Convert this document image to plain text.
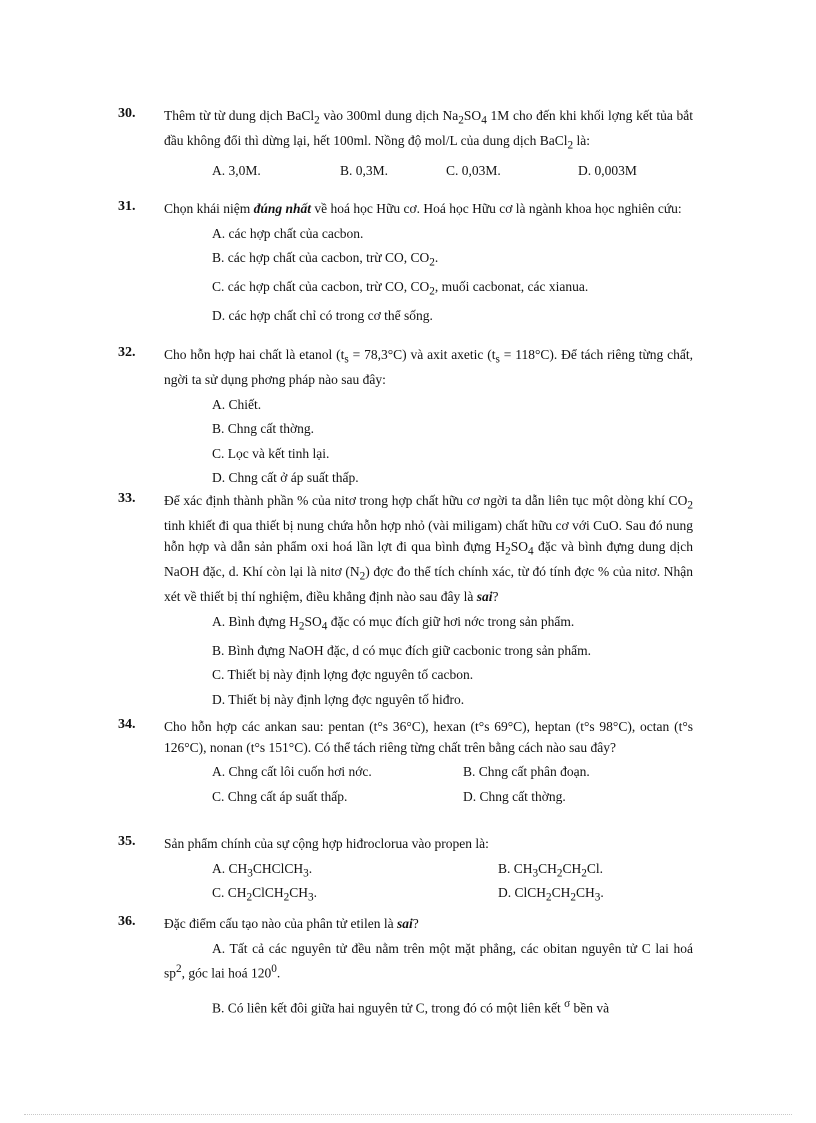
30. Thêm từ từ dung dịch BaCl$_2$ vào 300ml dung dịch $Na_2SO_4$ 1M cho đến khi khối lợng kết tủa bắt đầu không đổi thì dừng lại, hết 100ml. Nồng độ mol/L của dung dịch BaCl$_2$ là:
A. 3,0M.	B. 0,3M.	C. 0,03M.	D. 0,003M
31. Chọn khái niệm đúng nhất về hoá học Hữu cơ. Hoá học Hữu cơ là ngành khoa học nghiên cứu:
A. các hợp chất của cacbon.
B. các hợp chất của cacbon, trừ CO, $CO_2$.
C. các hợp chất của cacbon, trừ CO, $CO_2$, muối cacbonat, các xianua.
D. các hợp chất chỉ có trong cơ thể sống.
32. Cho hỗn hợp hai chất là etanol $(t_s = 78,3^\circ C)$ và axit axetic $(t_s = 118^\circ C)$. Để tách riêng từng chất, ngời ta sử dụng phơng pháp nào sau đây:
A. Chiết.
B. Chng cất thờng.
C. Lọc và kết tinh lại.
D. Chng cất ở áp suất thấp.
33. Để xác định thành phần % của nitơ trong hợp chất hữu cơ ngời ta dẫn liên tục một dòng khí $CO_2$ tinh khiết đi qua thiết bị nung chứa hỗn hợp nhỏ (vài miligam) chất hữu cơ với CuO. Sau đó nung hỗn hợp và dẫn sản phẩm oxi hoá lần lợt đi qua bình đựng $H_2SO_4$ đặc và bình đựng dung dịch NaOH đặc, d. Khí còn lại là nitơ $(N_2)$ đợc đo thể tích chính xác, từ đó tính đợc % của nitơ. Nhận xét về thiết bị thí nghiệm, điều khẳng định nào sau đây là sai?
A. Bình đựng $H_2SO_4$ đặc có mục đích giữ hơi nớc trong sản phẩm.
B. Bình đựng NaOH đặc, d có mục đích giữ cacbonic trong sản phẩm.
C. Thiết bị này định lợng đợc nguyên tố cacbon.
D. Thiết bị này định lợng đợc nguyên tố hiđro.
34. Cho hỗn hợp các ankan sau: pentan (t°s 36°C), hexan (t°s 69°C), heptan (t°s 98°C), octan (t°s 126°C), nonan (t°s 151°C). Có thể tách riêng từng chất trên bằng cách nào sau đây?
A. Chng cất lôi cuốn hơi nớc.	B. Chng cất phân đoạn.
C. Chng cất áp suất thấp.	D. Chng cất thờng.
35. Sản phẩm chính của sự cộng hợp hiđroclorua vào propen là:
A. $CH_3CHClCH_3$.	B. $CH_3CH_2CH_2Cl$.
C. $CH_2ClCH_2CH_3$.	D. $ClCH_2CH_2CH_3$.
36. Đặc điểm cấu tạo nào của phân tử etilen là sai?
A. Tất cả các nguyên tử đều nằm trên một mặt phẳng, các obitan nguyên tử C lai hoá $sp^2$, góc lai hoá $120^0$.
B. Có liên kết đôi giữa hai nguyên tử C, trong đó có một liên kết $^\sigma$ bền và
